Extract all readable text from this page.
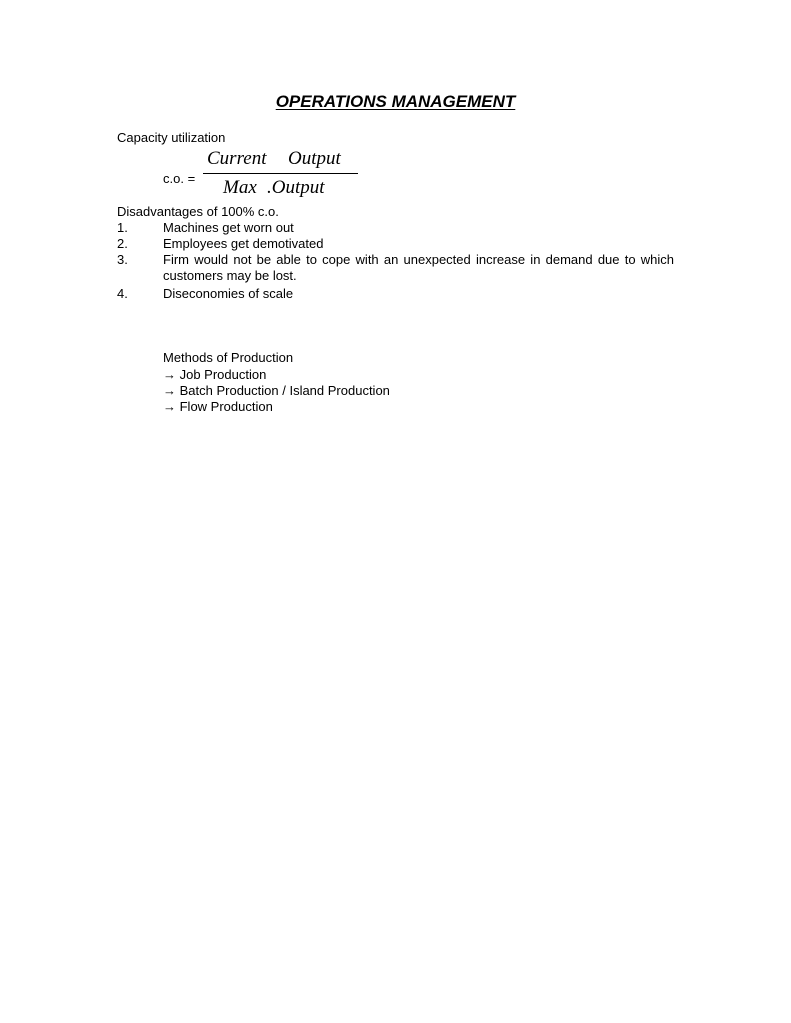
OPERATIONS MANAGEMENT
Capacity utilization
c.o. =
Current Output
Max .Output
Disadvantages of 100% c.o.
1.	Machines get worn out
2.	Employees get demotivated
3.	Firm would not be able to cope with an unexpected increase in demand due to which customers may be lost.
4.	Diseconomies of scale
Methods of Production
→ Job Production
→ Batch Production / Island Production
→ Flow Production
